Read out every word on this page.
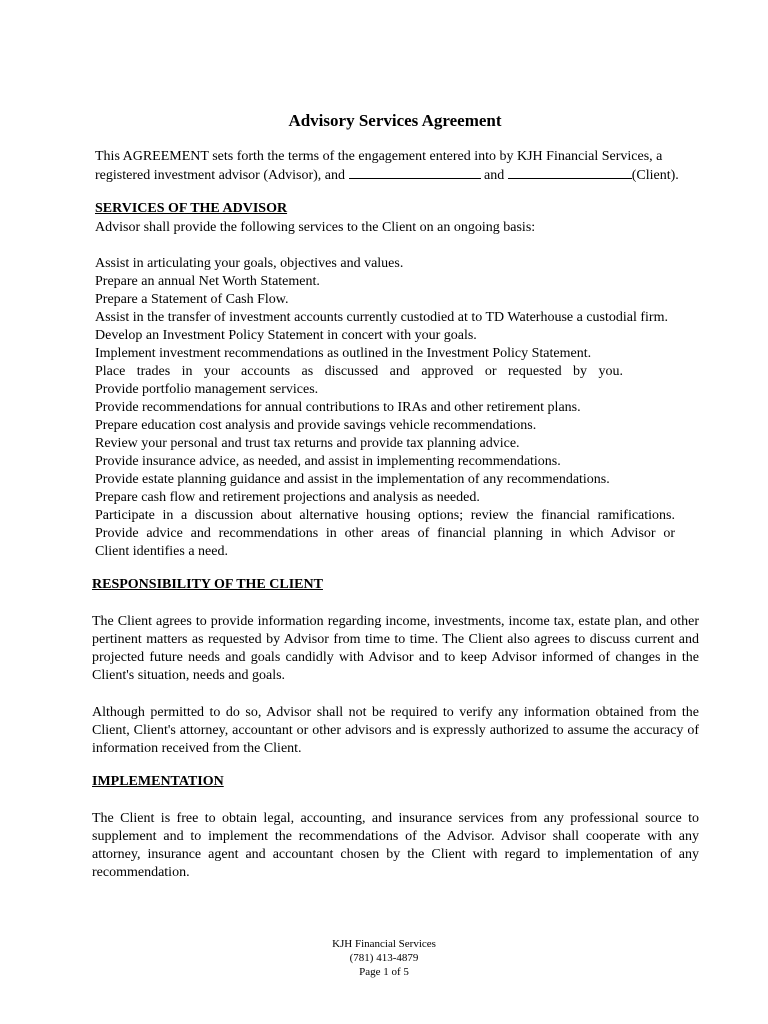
Advisory Services Agreement
This AGREEMENT sets forth the terms of the engagement entered into by KJH Financial Services, a
registered investment advisor (Advisor), and	and	(Client).
SERVICES OF THE ADVISOR
Advisor shall provide the following services to the Client on an ongoing basis:
Assist in articulating your goals, objectives and values.
Prepare an annual Net Worth Statement.
Prepare a Statement of Cash Flow.
Assist in the transfer of investment accounts currently custodied at to TD Waterhouse a custodial firm.
Develop an Investment Policy Statement in concert with your goals.
Implement investment recommendations as outlined in the Investment Policy Statement.
Place trades in your accounts as discussed and approved or requested by you.
Provide portfolio management services.
Provide recommendations for annual contributions to IRAs and other retirement plans.
Prepare education cost analysis and provide savings vehicle recommendations.
Review your personal and trust tax returns and provide tax planning advice.
Provide insurance advice, as needed, and assist in implementing recommendations.
Provide estate planning guidance and assist in the implementation of any recommendations.
Prepare cash flow and retirement projections and analysis as needed.
Participate in a discussion about alternative housing options; review the financial ramifications.
Provide advice and recommendations in other areas of financial planning in which Advisor or
Client identifies a need.
RESPONSIBILITY OF THE CLIENT
The Client agrees to provide information regarding income, investments, income tax, estate plan, and other pertinent matters as requested by Advisor from time to time. The Client also agrees to discuss current and projected future needs and goals candidly with Advisor and to keep Advisor informed of changes in the Client's situation, needs and goals.
Although permitted to do so, Advisor shall not be required to verify any information obtained from the Client, Client's attorney, accountant or other advisors and is expressly authorized to assume the accuracy of information received from the Client.
IMPLEMENTATION
The Client is free to obtain legal, accounting, and insurance services from any professional source to supplement and to implement the recommendations of the Advisor. Advisor shall cooperate with any attorney, insurance agent and accountant chosen by the Client with regard to implementation of any recommendation.
KJH Financial Services
(781) 413-4879
Page 1 of 5
